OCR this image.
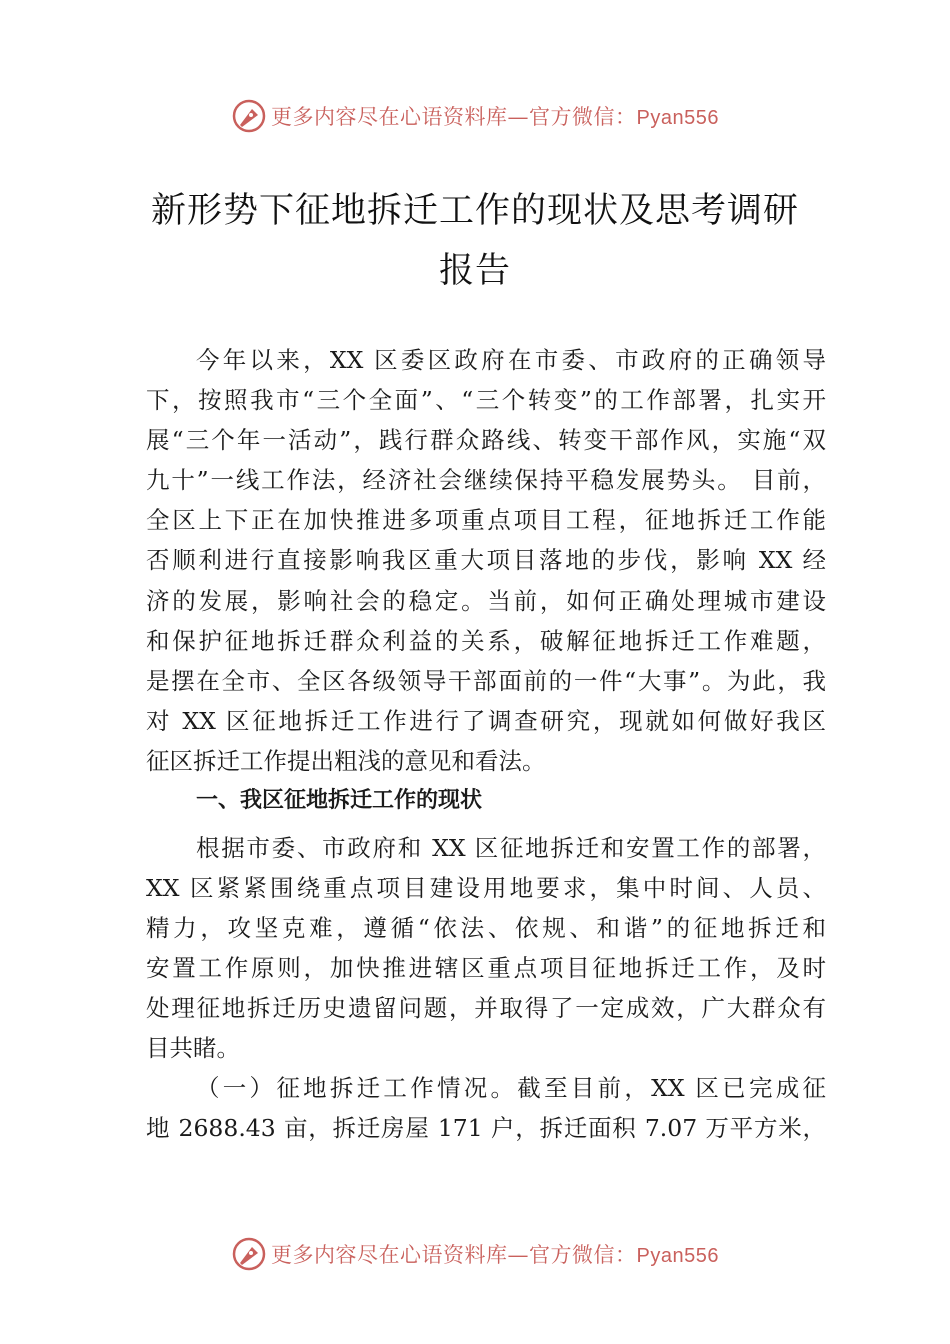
更多内容尽在心语资料库—官方微信：Pyan556
新形势下征地拆迁工作的现状及思考调研
报告
今年以来，XX 区委区政府在市委、市政府的正确领导
下，按照我市“三个全面”、“三个转变”的工作部署，扎实开
展“三个年一活动”，践行群众路线、转变干部作风，实施“双
九十”一线工作法，经济社会继续保持平稳发展势头。 目前，
全区上下正在加快推进多项重点项目工程，征地拆迁工作能
否顺利进行直接影响我区重大项目落地的步伐，影响 XX 经
济的发展，影响社会的稳定。当前，如何正确处理城市建设
和保护征地拆迁群众利益的关系，破解征地拆迁工作难题，
是摆在全市、全区各级领导干部面前的一件“大事”。为此，我
对 XX 区征地拆迁工作进行了调查研究，现就如何做好我区
征区拆迁工作提出粗浅的意见和看法。
一、我区征地拆迁工作的现状
根据市委、市政府和 XX 区征地拆迁和安置工作的部署，
XX 区紧紧围绕重点项目建设用地要求，集中时间、人员、
精力，攻坚克难，遵循“依法、依规、和谐”的征地拆迁和
安置工作原则，加快推进辖区重点项目征地拆迁工作，及时
处理征地拆迁历史遗留问题，并取得了一定成效，广大群众有
目共睹。
（一）征地拆迁工作情况。截至目前，XX 区已完成征
地 2688.43 亩，拆迁房屋 171 户，拆迁面积 7.07 万平方米，
更多内容尽在心语资料库—官方微信：Pyan556
